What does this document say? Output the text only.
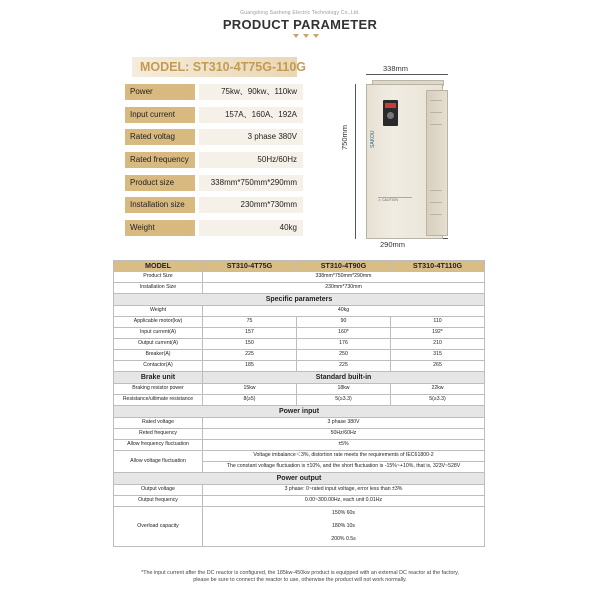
Guangdong Sasheng Electric Technology Co.,Ltd.
PRODUCT PARAMETER
MODEL: ST310-4T75G-110G
Power	75kw、90kw、110kw
Input current	157A、160A、192A
Rated voltag	3 phase 380V
Rated frequency	50Hz/60Hz
Product size	338mm*750mm*290mm
Installation size	230mm*730mm
Weight	40kg
338mm
750mm
290mm
SAKOU
⚠ CAUTION
MODEL	ST310-4T75G	ST310-4T90G	ST310-4T110G
Product Size	338mm*750mm*290mm		
Installation Size	230mm*730mm		
Specific parameters			
Weight	40kg		
Applicable motor(kw)	75	90	110
Input current(A)	157	160*	192*
Output current(A)	150	176	210
Breaker(A)	225	250	315
Contactor(A)	185	225	265
Brake unit	Standard built-in		
Braking resistor power	15kw	18kw	22kw
Resistance/ultimate resistance	8(≥5)	5(≥3.3)	5(≥3.3)
Power input			
Rated voltage	3 phase 380V		
Reted frequency	50Hz/60Hz		
Allow frequency fluctuation	±5%		
Allow voltage fluctuation	Voltage imbalance＜3%, distortion rate meets the requirements of IEC61800-2		
	The constant voltage fluctuation is ±10%, and the short fluctuation is -15%~+10%, that is, 323V~528V		
Power output			
Output voltage	3 phase: 0~rated input voltage, error less than ±3%		
Output frequency	0.00~300.00Hz, each unit 0.01Hz		
Overload capacity	150% 60s		
	180% 10s		
	200% 0.5s		
*The input current after the DC reactor is configured, the 185kw-450kw product is equipped with an external DC reactor at the factory, please be sure to connect the reactor to use, otherwise the product will not work normally.
